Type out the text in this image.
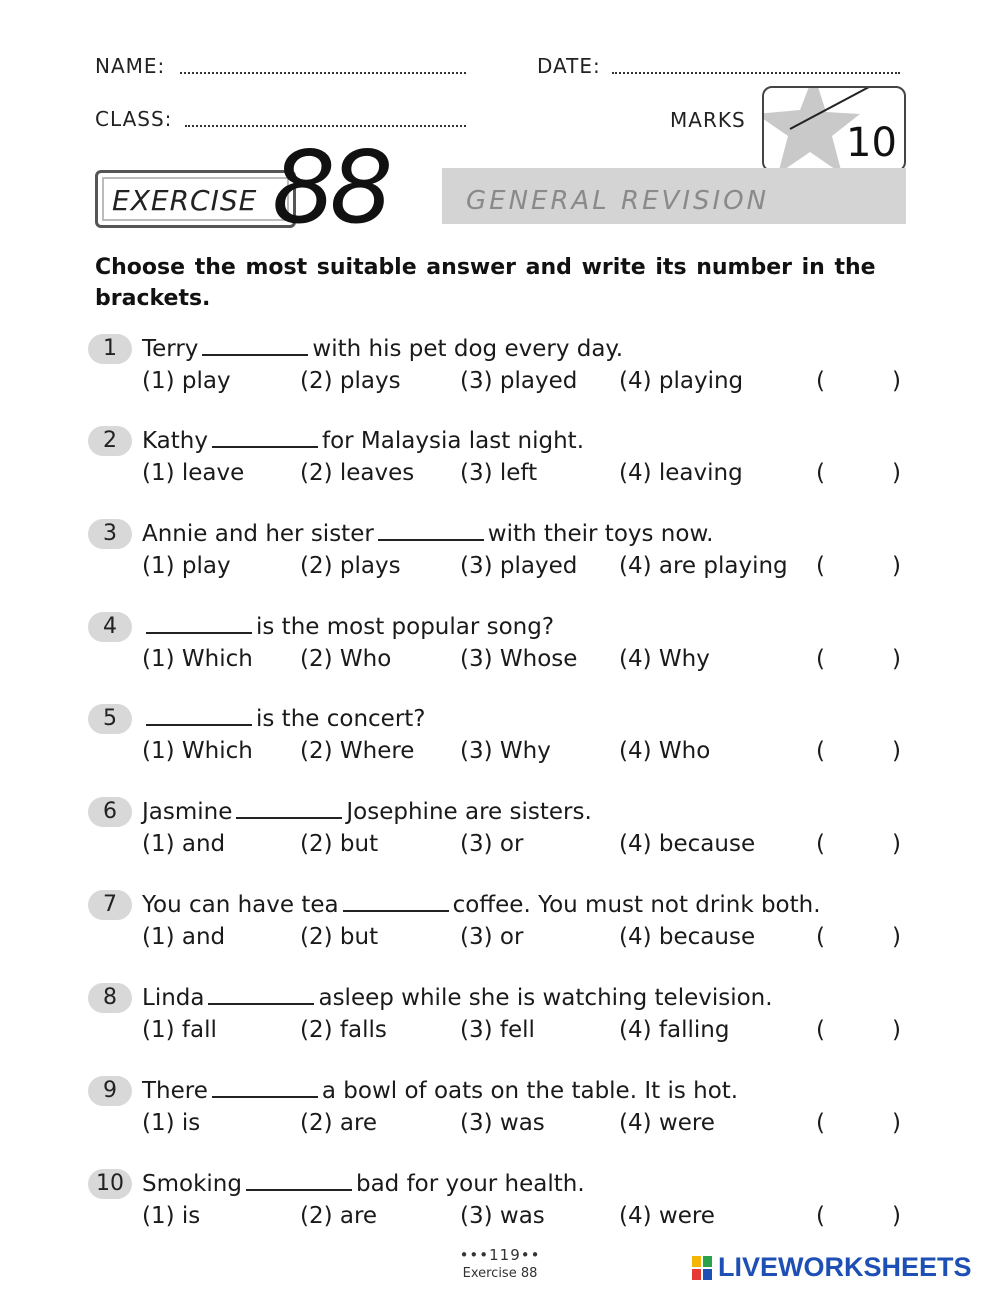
NAME:	DATE:
CLASS:	MARKS	10
EXERCISE 88	GENERAL REVISION
Choose the most suitable answer and write its number in the brackets.
1	Terry	with his pet dog every day.
(1) play	(2) plays	(3) played (4) playing	(	)
2	Kathy	for Malaysia last night.
(1) leave (2) leaves (3) left	(4) leaving	(	)
3	Annie and her sister	with their toys now.
(1) play	(2) plays	(3) played (4) are playing (	)
4	is the most popular song?
(1) Which (2) Who	(3) Whose (4) Why	(	)
5	is the concert?
(1) Which (2) Where (3) Why	(4) Who	(	)
6	Jasmine	Josephine are sisters.
(1) and	(2) but	(3) or	(4) because	(	)
7	You can have tea	coffee. You must not drink both.
(1) and	(2) but	(3) or	(4) because	(	)
8	Linda	asleep while she is watching television.
(1) fall	(2) falls	(3) fell	(4) falling	(	)
9	There	a bowl of oats on the table. It is hot.
(1) is	(2) are	(3) was	(4) were	(	)
10 Smoking	bad for your health.
(1) is	(2) are	(3) was	(4) were	(	)
•••119••
Exercise 88	LIVEWORKSHEETS
